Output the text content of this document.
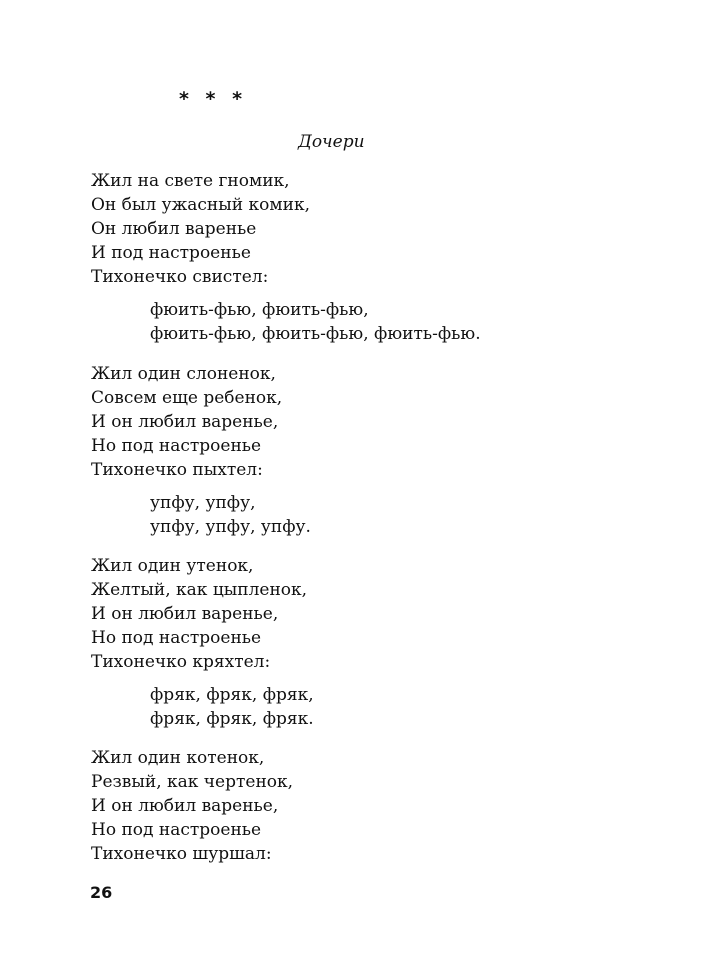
* * *

Дочери

Жил на свете гномик,
Он был ужасный комик,
Он любил варенье
И под настроенье
Тихонечко свистел:
фюить-фью, фюить-фью,
фюить-фью, фюить-фью, фюить-фью.
Жил один слоненок,
Совсем еще ребенок,
И он любил варенье,
Но под настроенье
Тихонечко пыхтел:
упфу, упфу,
упфу, упфу, упфу.
Жил один утенок,
Желтый, как цыпленок,
И он любил варенье,
Но под настроенье
Тихонечко кряхтел:
фряк, фряк, фряк,
фряк, фряк, фряк.
Жил один котенок,
Резвый, как чертенок,
И он любил варенье,
Но под настроенье
Тихонечко шуршал:

26
